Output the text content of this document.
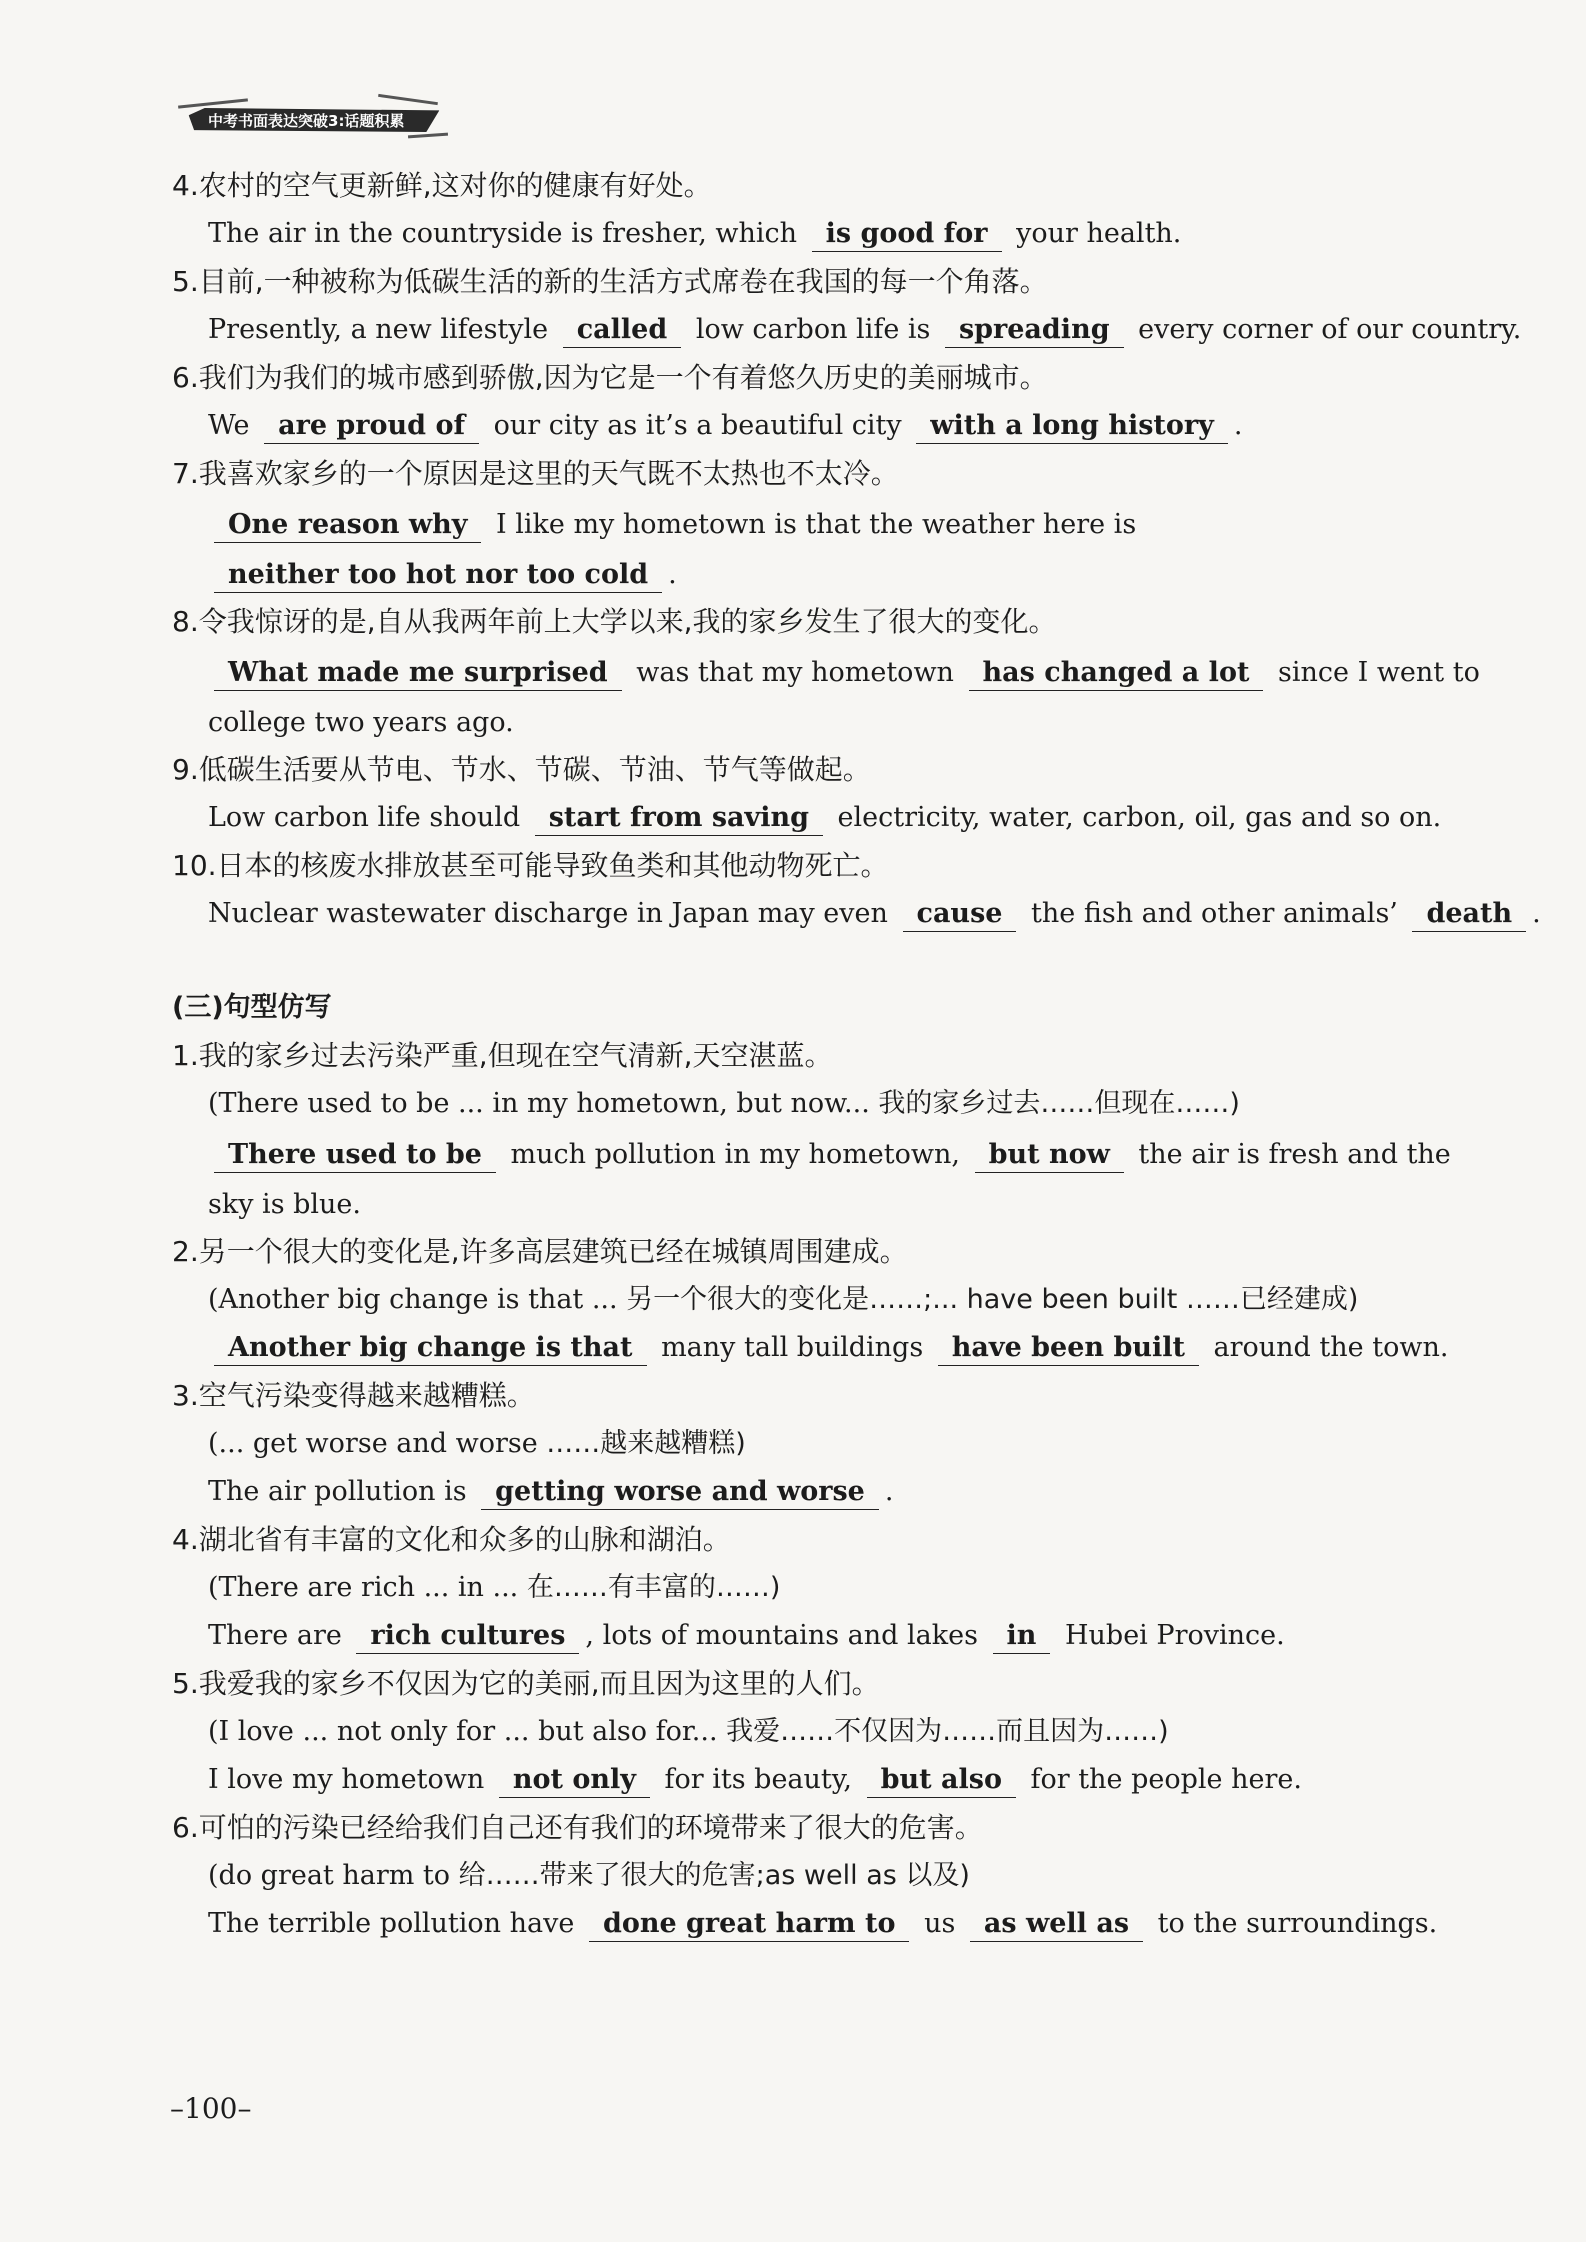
中考书面表达突破3:话题积累
4.农村的空气更新鲜,这对你的健康有好处。
The air in the countryside is fresher, which is good for your health.
5.目前,一种被称为低碳生活的新的生活方式席卷在我国的每一个角落。
Presently, a new lifestyle called low carbon life is spreading every corner of our country.
6.我们为我们的城市感到骄傲,因为它是一个有着悠久历史的美丽城市。
We are proud of our city as it’s a beautiful city with a long history .
7.我喜欢家乡的一个原因是这里的天气既不太热也不太冷。
One reason why I like my hometown is that the weather here is neither too hot nor too cold .
8.令我惊讶的是,自从我两年前上大学以来,我的家乡发生了很大的变化。
What made me surprised was that my hometown has changed a lot since I went to college two years ago.
9.低碳生活要从节电、节水、节碳、节油、节气等做起。
Low carbon life should start from saving electricity, water, carbon, oil, gas and so on.
10.日本的核废水排放甚至可能导致鱼类和其他动物死亡。
Nuclear wastewater discharge in Japan may even cause the fish and other animals’ death .
(三)句型仿写
1.我的家乡过去污染严重,但现在空气清新,天空湛蓝。
(There used to be ... in my hometown, but now... 我的家乡过去……但现在……)
There used to be much pollution in my hometown, but now the air is fresh and the sky is blue.
2.另一个很大的变化是,许多高层建筑已经在城镇周围建成。
(Another big change is that ... 另一个很大的变化是……;... have been built ……已经建成)
Another big change is that many tall buildings have been built around the town.
3.空气污染变得越来越糟糕。
(... get worse and worse ……越来越糟糕)
The air pollution is getting worse and worse .
4.湖北省有丰富的文化和众多的山脉和湖泊。
(There are rich ... in ... 在……有丰富的……)
There are rich cultures , lots of mountains and lakes in Hubei Province.
5.我爱我的家乡不仅因为它的美丽,而且因为这里的人们。
(I love ... not only for ... but also for... 我爱……不仅因为……而且因为……)
I love my hometown not only for its beauty, but also for the people here.
6.可怕的污染已经给我们自己还有我们的环境带来了很大的危害。
(do great harm to 给……带来了很大的危害;as well as 以及)
The terrible pollution have done great harm to us as well as to the surroundings.
–100–
